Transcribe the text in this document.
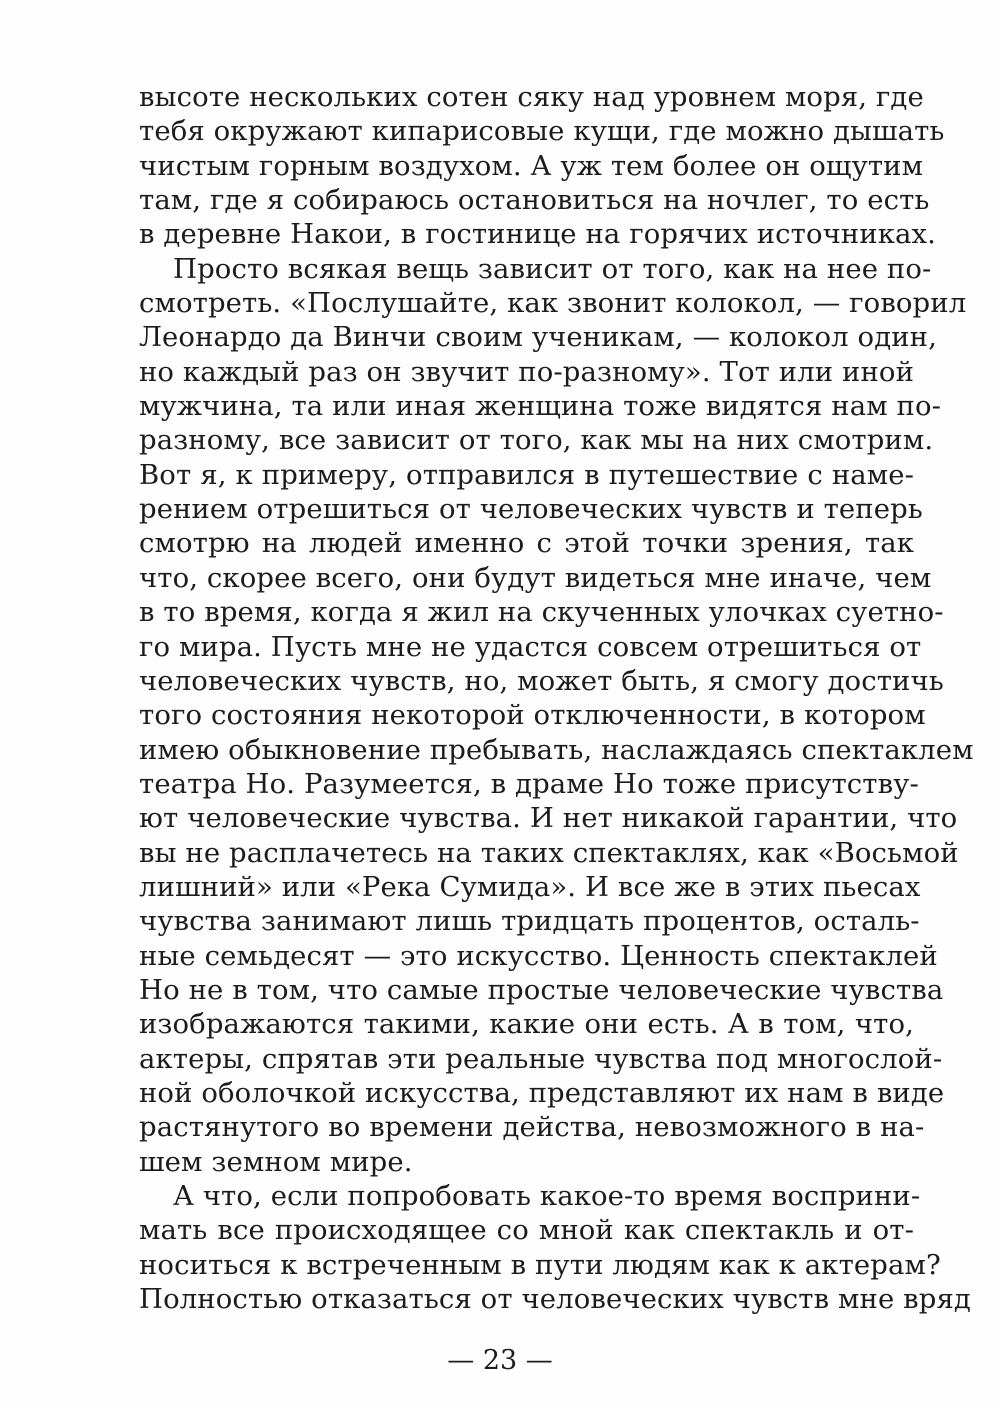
высоте нескольких сотен сяку над уровнем моря, где
тебя окружают кипарисовые кущи, где можно дышать
чистым горным воздухом. А уж тем более он ощутим
там, где я собираюсь остановиться на ночлег, то есть
в деревне Накои, в гостинице на горячих источниках.
Просто всякая вещь зависит от того, как на нее по-
смотреть. «Послушайте, как звонит колокол, — говорил
Леонардо да Винчи своим ученикам, — колокол один,
но каждый раз он звучит по-разному». Тот или иной
мужчина, та или иная женщина тоже видятся нам по-
разному, все зависит от того, как мы на них смотрим.
Вот я, к примеру, отправился в путешествие с наме-
рением отрешиться от человеческих чувств и теперь
смотрю на людей именно с этой точки зрения, так
что, скорее всего, они будут видеться мне иначе, чем
в то время, когда я жил на скученных улочках суетно-
го мира. Пусть мне не удастся совсем отрешиться от
человеческих чувств, но, может быть, я смогу достичь
того состояния некоторой отключенности, в котором
имею обыкновение пребывать, наслаждаясь спектаклем
театра Но. Разумеется, в драме Но тоже присутству-
ют человеческие чувства. И нет никакой гарантии, что
вы не расплачетесь на таких спектаклях, как «Восьмой
лишний» или «Река Сумида». И все же в этих пьесах
чувства занимают лишь тридцать процентов, осталь-
ные семьдесят — это искусство. Ценность спектаклей
Но не в том, что самые простые человеческие чувства
изображаются такими, какие они есть. А в том, что,
актеры, спрятав эти реальные чувства под многослой-
ной оболочкой искусства, представляют их нам в виде
растянутого во времени действа, невозможного в на-
шем земном мире.
А что, если попробовать какое-то время восприни-
мать все происходящее со мной как спектакль и от-
носиться к встреченным в пути людям как к актерам?
Полностью отказаться от человеческих чувств мне вряд
— 23 —
